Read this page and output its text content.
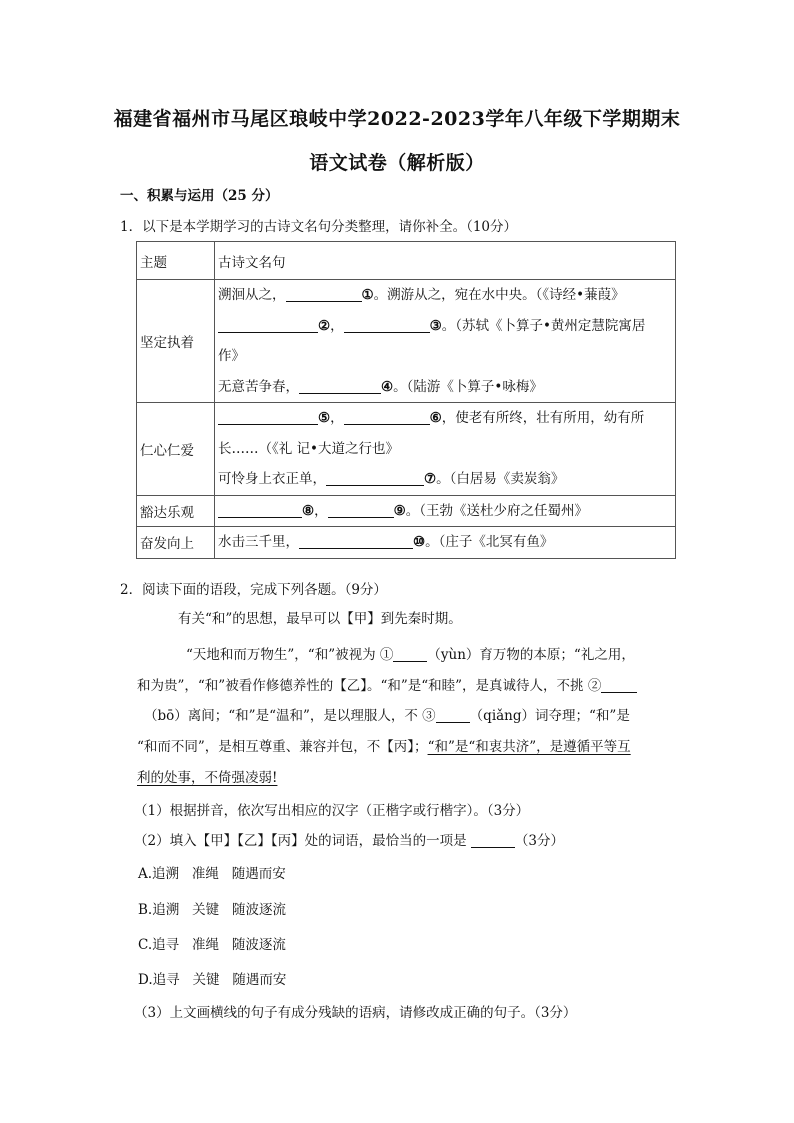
福建省福州市马尾区琅岐中学2022-2023学年八年级下学期期末
语文试卷（解析版）
一、积累与运用（25 分）
1．以下是本学期学习的古诗文名句分类整理，请你补全。（10分）
主题	古诗文名句
坚定执着	溯洄从之， ①。溯游从之，宛在水中央。（《诗经•蒹葭》
②， ③。（苏轼《卜算子•黄州定慧院寓居
作》
无意苦争春， ④。（陆游《卜算子•咏梅》

仁心仁爱	⑤， ⑥，使老有所终，壮有所用，幼有所
长……（《礼 记•大道之行也》
可怜身上衣正单， ⑦。（白居易《卖炭翁》

豁达乐观	⑧， ⑨。（王勃《送杜少府之任蜀州》

奋发向上	水击三千里， ⑩。（庄子《北冥有鱼》
2．阅读下面的语段，完成下列各题。（9分）
有关“和”的思想，最早可以【甲】到先秦时期。
“天地和而万物生”，“和”被视为 ①	（yùn）育万物的本原；“礼之用，
和为贵”，“和”被看作修德养性的【乙】。“和”是“和睦”，是真诚待人，不挑 ②
（bō）离间；“和”是“温和”，是以理服人，不 ③	（qiǎng）词夺理；“和”是
“和而不同”，是相互尊重、兼容并包，不【丙】；“和”是“和衷共济”，是遵循平等互
利的处事，不倚强凌弱!
（1）根据拼音，依次写出相应的汉字（正楷字或行楷字）。（3分）
（2）填入【甲】【乙】【丙】处的词语，最恰当的一项是	（3分）
A.追溯   准绳   随遇而安
B.追溯   关键   随波逐流
C.追寻   准绳   随波逐流
D.追寻   关键   随遇而安
（3）上文画横线的句子有成分残缺的语病，请修改成正确的句子。（3分）
